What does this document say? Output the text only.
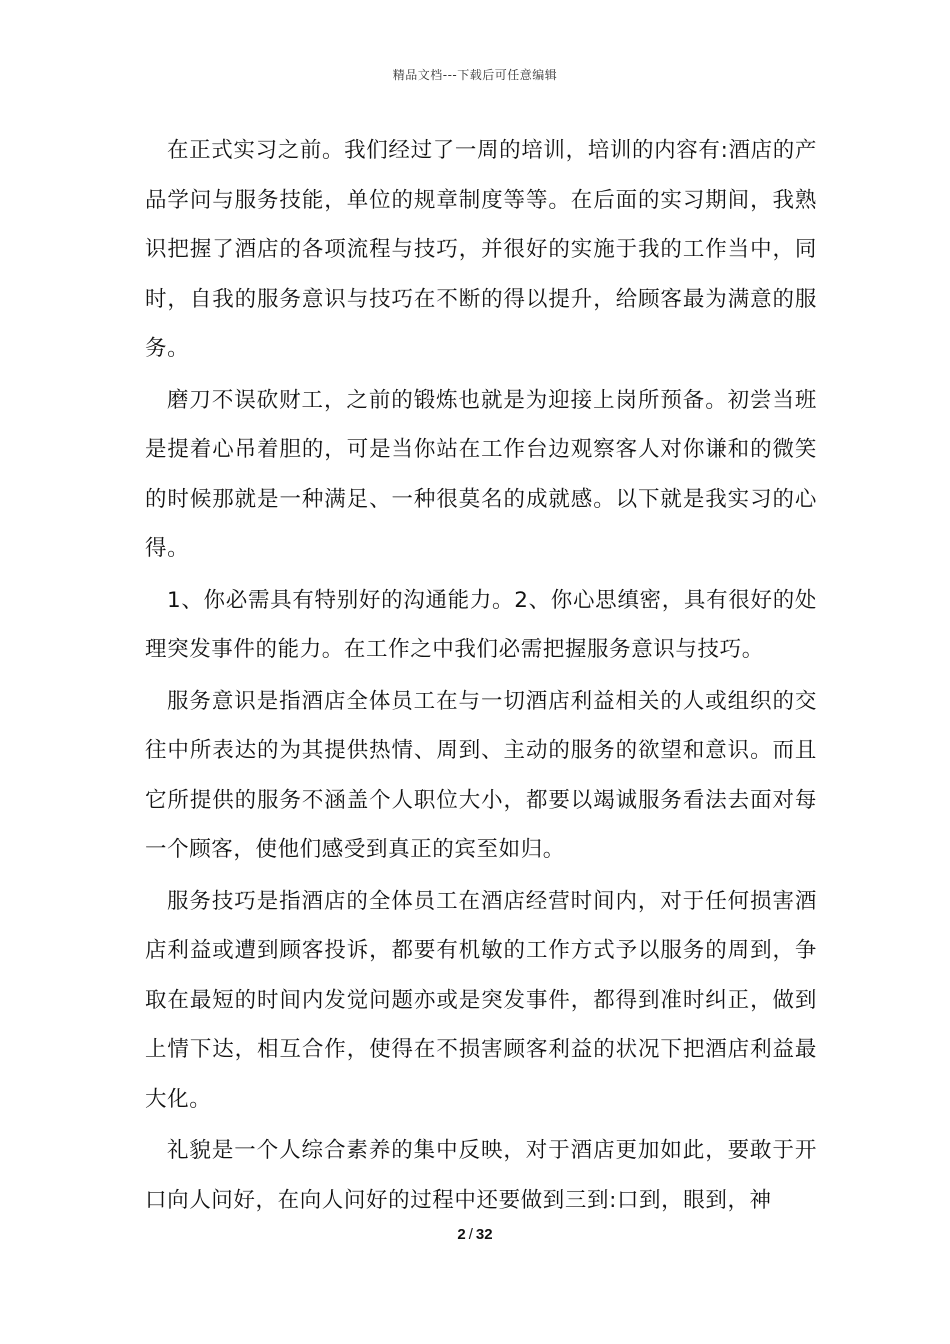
精品文档---下载后可任意编辑

在正式实习之前。我们经过了一周的培训，培训的内容有:酒店的产品学问与服务技能，单位的规章制度等等。在后面的实习期间，我熟识把握了酒店的各项流程与技巧，并很好的实施于我的工作当中，同时，自我的服务意识与技巧在不断的得以提升，给顾客最为满意的服务。

磨刀不误砍财工，之前的锻炼也就是为迎接上岗所预备。初尝当班是提着心吊着胆的，可是当你站在工作台边观察客人对你谦和的微笑的时候那就是一种满足、一种很莫名的成就感。以下就是我实习的心得。

1、你必需具有特别好的沟通能力。2、你心思缜密，具有很好的处理突发事件的能力。在工作之中我们必需把握服务意识与技巧。

服务意识是指酒店全体员工在与一切酒店利益相关的人或组织的交往中所表达的为其提供热情、周到、主动的服务的欲望和意识。而且它所提供的服务不涵盖个人职位大小，都要以竭诚服务看法去面对每一个顾客，使他们感受到真正的宾至如归。

服务技巧是指酒店的全体员工在酒店经营时间内，对于任何损害酒店利益或遭到顾客投诉，都要有机敏的工作方式予以服务的周到，争取在最短的时间内发觉问题亦或是突发事件，都得到准时纠正，做到上情下达，相互合作，使得在不损害顾客利益的状况下把酒店利益最大化。

礼貌是一个人综合素养的集中反映，对于酒店更加如此，要敢于开口向人问好，在向人问好的过程中还要做到三到:口到，眼到，神

2 / 32
